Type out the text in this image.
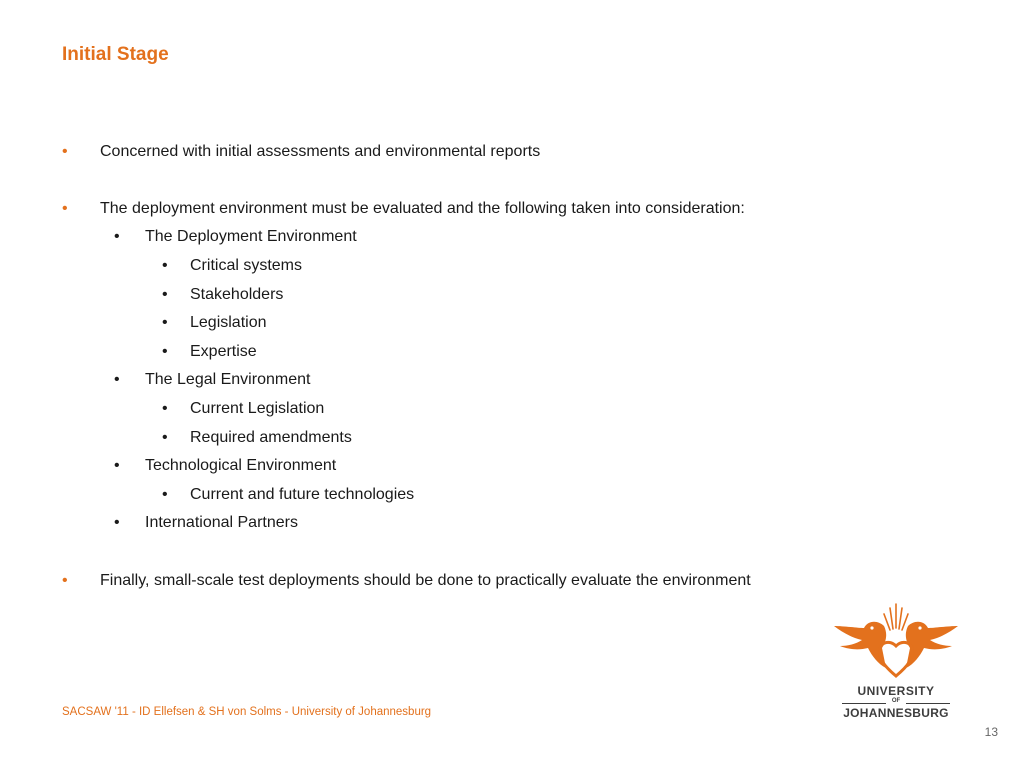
Initial Stage
•	Concerned with initial assessments and environmental reports
•	The deployment environment must be evaluated and the following taken into consideration:
•	The Deployment Environment
•	Critical systems
•	Stakeholders
•	Legislation
•	Expertise
•	The Legal Environment
•	Current Legislation
•	Required amendments
•	Technological Environment
•	Current and future technologies
•	International Partners
•	Finally, small-scale test deployments should be done to practically evaluate the environment
SACSAW '11 - ID Ellefsen & SH von Solms - University of Johannesburg
13
UNIVERSITY
OF
JOHANNESBURG
